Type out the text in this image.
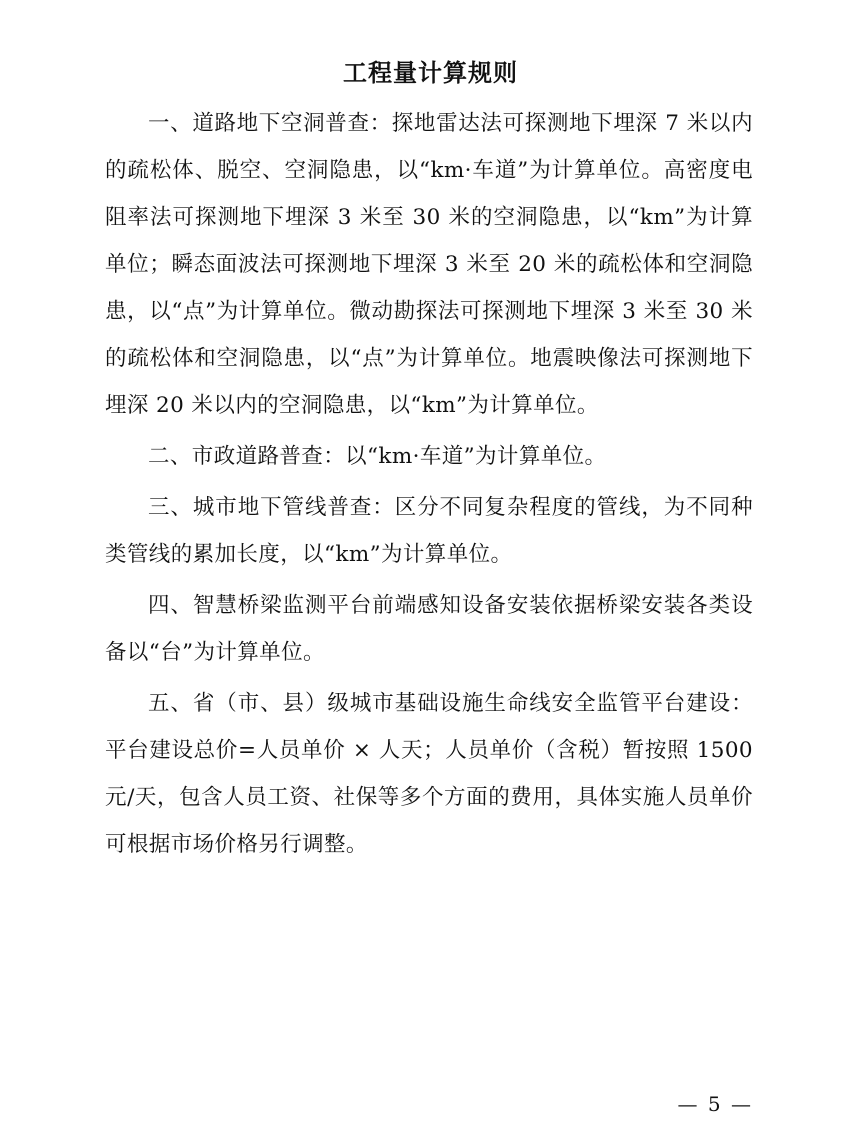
工程量计算规则

一、道路地下空洞普查：探地雷达法可探测地下埋深 7 米以内的疏松体、脱空、空洞隐患，以“km·车道”为计算单位。高密度电阻率法可探测地下埋深 3 米至 30 米的空洞隐患，以“km”为计算单位；瞬态面波法可探测地下埋深 3 米至 20 米的疏松体和空洞隐患，以“点”为计算单位。微动勘探法可探测地下埋深 3 米至 30 米的疏松体和空洞隐患，以“点”为计算单位。地震映像法可探测地下埋深 20 米以内的空洞隐患，以“km”为计算单位。

二、市政道路普查：以“km·车道”为计算单位。

三、城市地下管线普查：区分不同复杂程度的管线，为不同种类管线的累加长度，以“km”为计算单位。

四、智慧桥梁监测平台前端感知设备安装依据桥梁安装各类设备以“台”为计算单位。

五、省（市、县）级城市基础设施生命线安全监管平台建设：平台建设总价=人员单价 × 人天；人员单价（含税）暂按照 1500 元/天，包含人员工资、社保等多个方面的费用，具体实施人员单价可根据市场价格另行调整。

— 5 —
